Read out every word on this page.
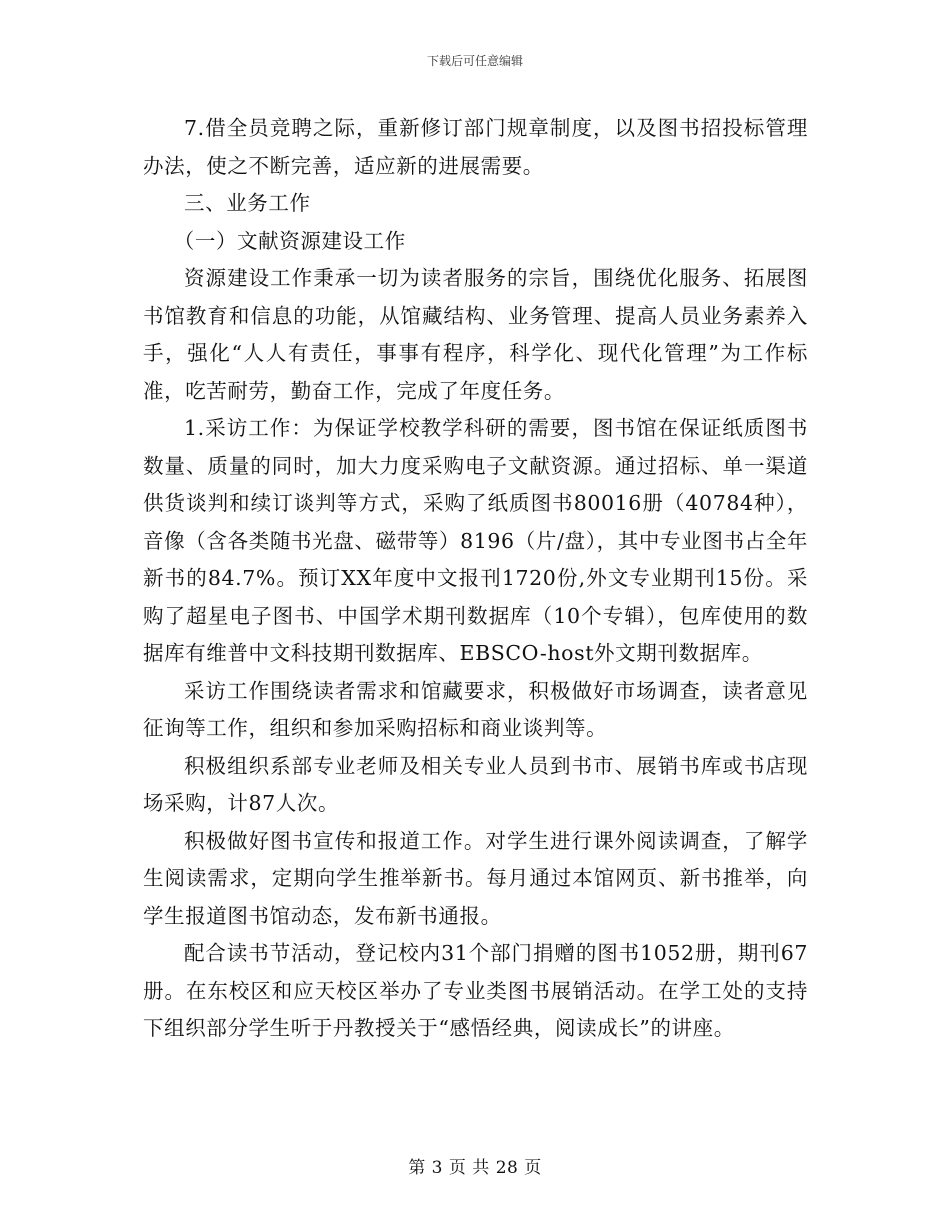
下载后可任意编辑

7.借全员竞聘之际，重新修订部门规章制度，以及图书招投标管理办法，使之不断完善，适应新的进展需要。

三、业务工作

（一）文献资源建设工作

资源建设工作秉承一切为读者服务的宗旨，围绕优化服务、拓展图书馆教育和信息的功能，从馆藏结构、业务管理、提高人员业务素养入手，强化“人人有责任，事事有程序，科学化、现代化管理”为工作标准，吃苦耐劳，勤奋工作，完成了年度任务。

1.采访工作：为保证学校教学科研的需要，图书馆在保证纸质图书数量、质量的同时，加大力度采购电子文献资源。通过招标、单一渠道供货谈判和续订谈判等方式，采购了纸质图书80016册（40784种），音像（含各类随书光盘、磁带等）8196（片/盘），其中专业图书占全年新书的84.7%。预订XX年度中文报刊1720份,外文专业期刊15份。采购了超星电子图书、中国学术期刊数据库（10个专辑），包库使用的数据库有维普中文科技期刊数据库、EBSCO-host外文期刊数据库。

采访工作围绕读者需求和馆藏要求，积极做好市场调查，读者意见征询等工作，组织和参加采购招标和商业谈判等。

积极组织系部专业老师及相关专业人员到书市、展销书库或书店现场采购，计87人次。

积极做好图书宣传和报道工作。对学生进行课外阅读调查，了解学生阅读需求，定期向学生推举新书。每月通过本馆网页、新书推举，向学生报道图书馆动态，发布新书通报。

配合读书节活动，登记校内31个部门捐赠的图书1052册，期刊67册。在东校区和应天校区举办了专业类图书展销活动。在学工处的支持下组织部分学生听于丹教授关于“感悟经典，阅读成长”的讲座。

第 3 页 共 28 页
